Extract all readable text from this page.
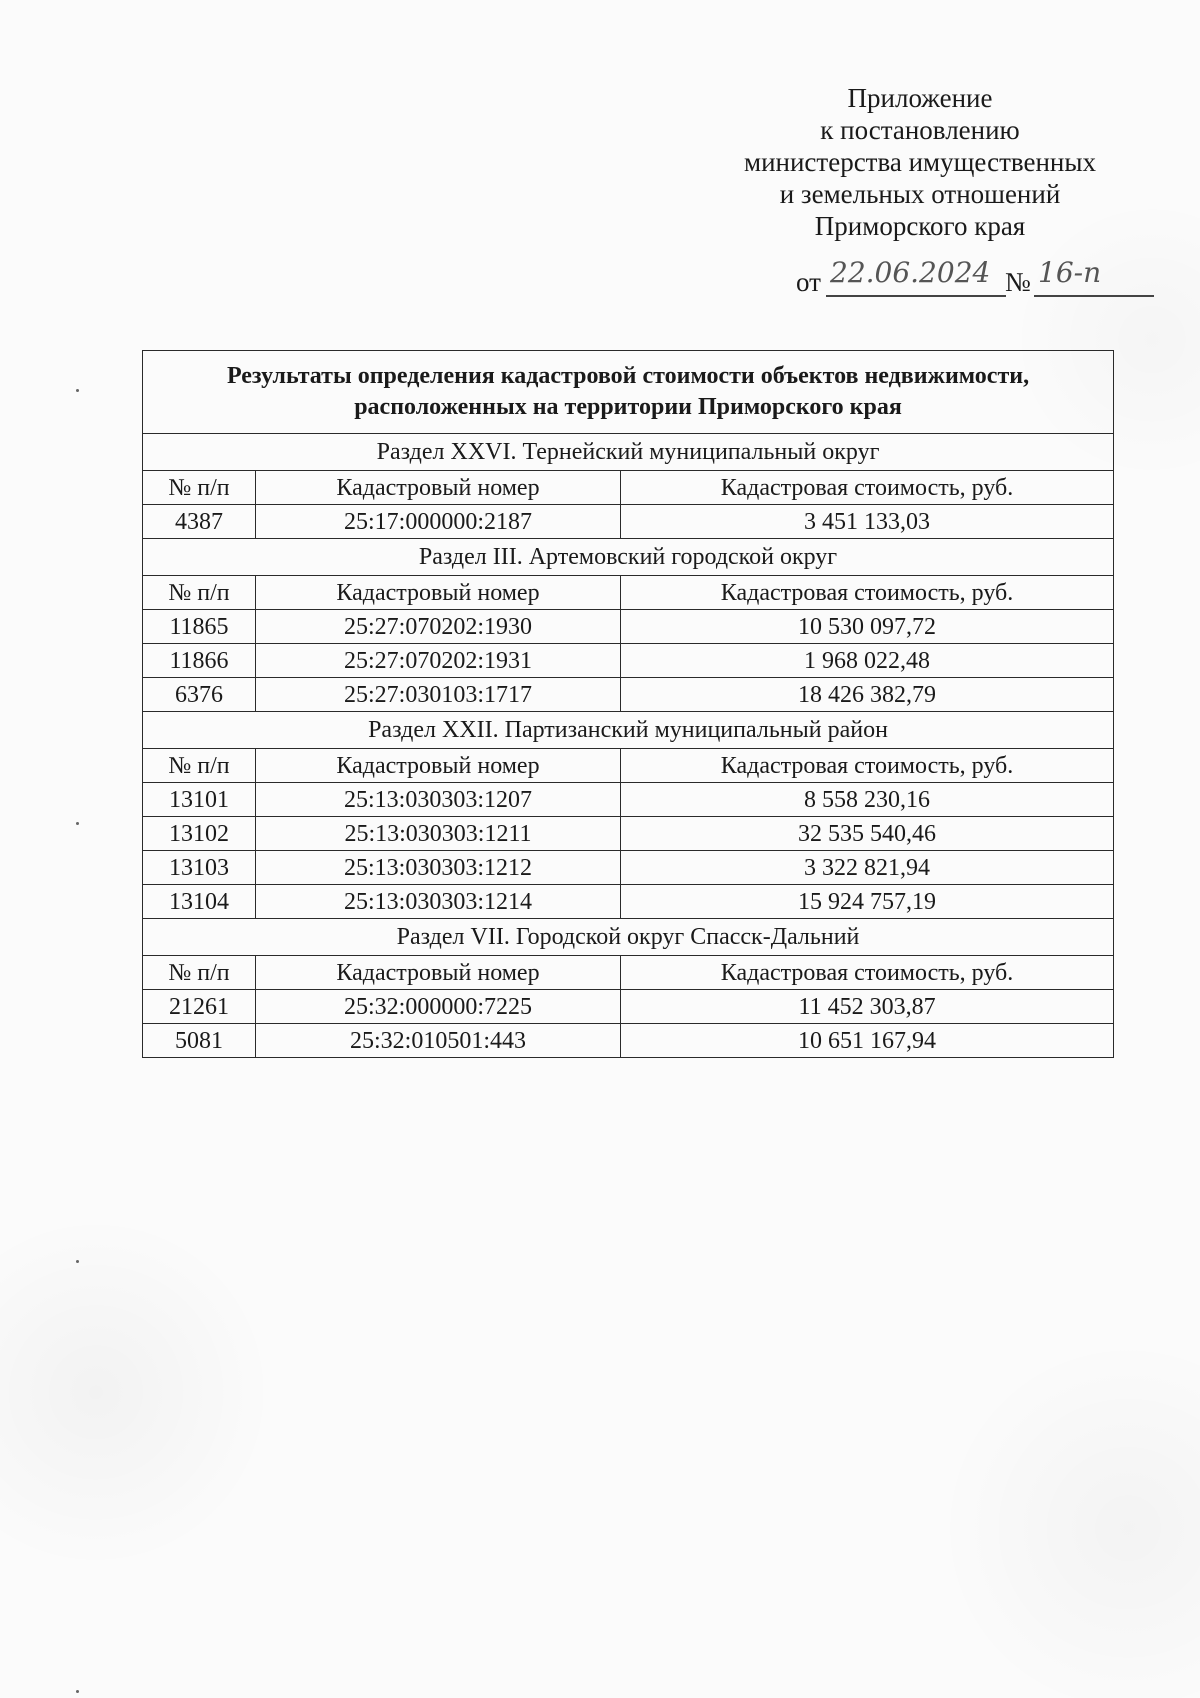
Приложение
к постановлению
министерства имущественных
и земельных отношений
Приморского края
от 22.06.2024 № 16-п
Результаты определения кадастровой стоимости объектов недвижимости,
расположенных на территории Приморского края		

Раздел XXVI. Тернейский муниципальный округ		
№ п/п	Кадастровый номер	Кадастровая стоимость, руб.
4387	25:17:000000:2187	3 451 133,03
Раздел III. Артемовский городской округ		
№ п/п	Кадастровый номер	Кадастровая стоимость, руб.
11865	25:27:070202:1930	10 530 097,72
11866	25:27:070202:1931	1 968 022,48
6376	25:27:030103:1717	18 426 382,79
Раздел XXII. Партизанский муниципальный район		
№ п/п	Кадастровый номер	Кадастровая стоимость, руб.
13101	25:13:030303:1207	8 558 230,16
13102	25:13:030303:1211	32 535 540,46
13103	25:13:030303:1212	3 322 821,94
13104	25:13:030303:1214	15 924 757,19
Раздел VII. Городской округ Спасск-Дальний		
№ п/п	Кадастровый номер	Кадастровая стоимость, руб.
21261	25:32:000000:7225	11 452 303,87
5081	25:32:010501:443	10 651 167,94
